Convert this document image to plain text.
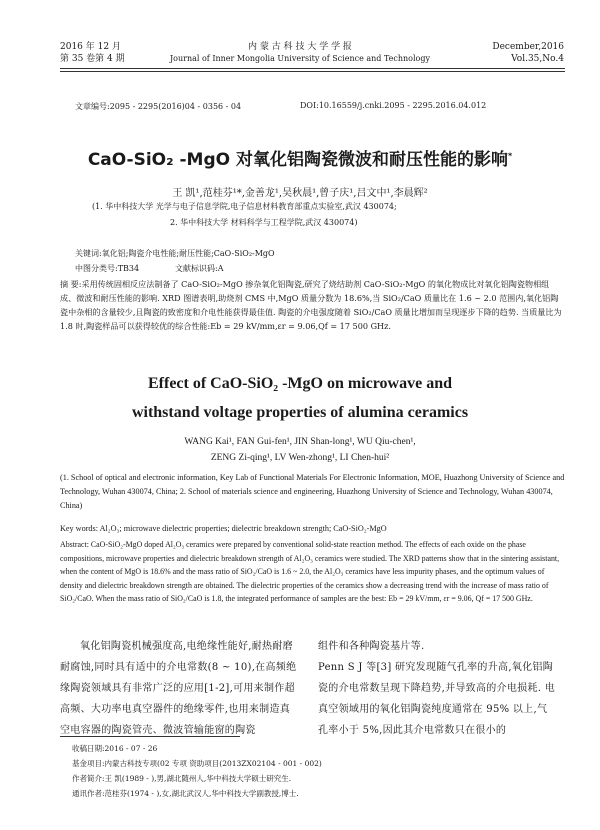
2016 年 12 月
第 35 卷第 4 期
内 蒙 古 科 技 大 学 学 报
Journal of Inner Mongolia University of Science and Technology
December,2016
Vol.35,No.4
文章编号:2095 - 2295(2016)04 - 0356 - 04	DOI:10.16559/j.cnki.2095 - 2295.2016.04.012
CaO-SiO₂ -MgO 对氧化铝陶瓷微波和耐压性能的影响*
王 凯¹,范桂芬¹*,金善龙¹,吴秋晨¹,曾子庆¹,吕文中¹,李晨辉²
(1. 华中科技大学 光学与电子信息学院,电子信息材料教育部重点实验室,武汉 430074;
2. 华中科技大学 材料科学与工程学院,武汉 430074)
关键词:氧化铝;陶瓷介电性能;耐压性能;CaO-SiO₂-MgO
中图分类号:TB34	文献标识码:A
摘 要:采用传统固相反应法制备了 CaO-SiO₂-MgO 掺杂氧化铝陶瓷,研究了烧结助剂 CaO-SiO₂-MgO 的氧化物成比对氧化铝陶瓷物相组成、微波和耐压性能的影响. XRD 图谱表明,助烧剂 CMS 中,MgO 质量分数为 18.6%,当 SiO₂/CaO 质量比在 1.6 ~ 2.0 范围内,氧化铝陶瓷中杂相的含量较少,且陶瓷的致密度和介电性能获得最佳值. 陶瓷的介电强度随着 SiO₂/CaO 质量比增加而呈现逐步下降的趋势. 当质量比为 1.8 时,陶瓷样品可以获得较优的综合性能:Eb = 29 kV/mm,εr = 9.06,Qf = 17 500 GHz.
Effect of CaO-SiO₂ -MgO on microwave and
withstand voltage properties of alumina ceramics
WANG Kai¹, FAN Gui-fen¹, JIN Shan-long¹, WU Qiu-chen¹,
ZENG Zi-qing¹, LV Wen-zhong¹, LI Chen-hui²
(1. School of optical and electronic information, Key Lab of Functional Materials For Electronic Information, MOE, Huazhong University of Science and Technology, Wuhan 430074, China; 2. School of materials science and engineering, Huazhong University of Science and Technology, Wuhan 430074, China)
Key words: Al₂O₃; microwave dielectric properties; dielectric breakdown strength; CaO-SiO₂-MgO
Abstract: CaO-SiO₂-MgO doped Al₂O₃ ceramics were prepared by conventional solid-state reaction method. The effects of each oxide on the phase compositions, microwave properties and dielectric breakdown strength of Al₂O₃ ceramics were studied. The XRD patterns show that in the sintering assistant, when the content of MgO is 18.6% and the mass ratio of SiO₂/CaO is 1.6 ~ 2.0, the Al₂O₃ ceramics have less impurity phases, and the optimum values of density and dielectric breakdown strength are obtained. The dielectric properties of the ceramics show a decreasing trend with the increase of mass ratio of SiO₂/CaO. When the mass ratio of SiO₂/CaO is 1.8, the integrated performance of samples are the best: Eb = 29 kV/mm, εr = 9.06, Qf = 17 500 GHz.
氧化铝陶瓷机械强度高,电绝缘性能好,耐热耐磨耐腐蚀,同时具有适中的介电常数(8 ~ 10),在高频绝缘陶瓷领域具有非常广泛的应用[1-2],可用来制作超高频、大功率电真空器件的绝缘零件,也用来制造真空电容器的陶瓷管壳、微波管输能窗的陶瓷
组件和各种陶瓷基片等.
Penn S J 等[3] 研究发现随气孔率的升高,氧化铝陶瓷的介电常数呈现下降趋势,并导致高的介电损耗. 电真空领域用的氧化铝陶瓷纯度通常在 95% 以上,气孔率小于 5%,因此其介电常数只在很小的
收稿日期:2016 - 07 - 26
基金项目:内蒙古科技专项(02 专项 资助项目(2013ZX02104 - 001 - 002)
作者简介:王 凯(1989 - ),男,湖北随州人,华中科技大学硕士研究生.
通讯作者:范桂芬(1974 - ),女,湖北武汉人,华中科技大学副教授,博士.
